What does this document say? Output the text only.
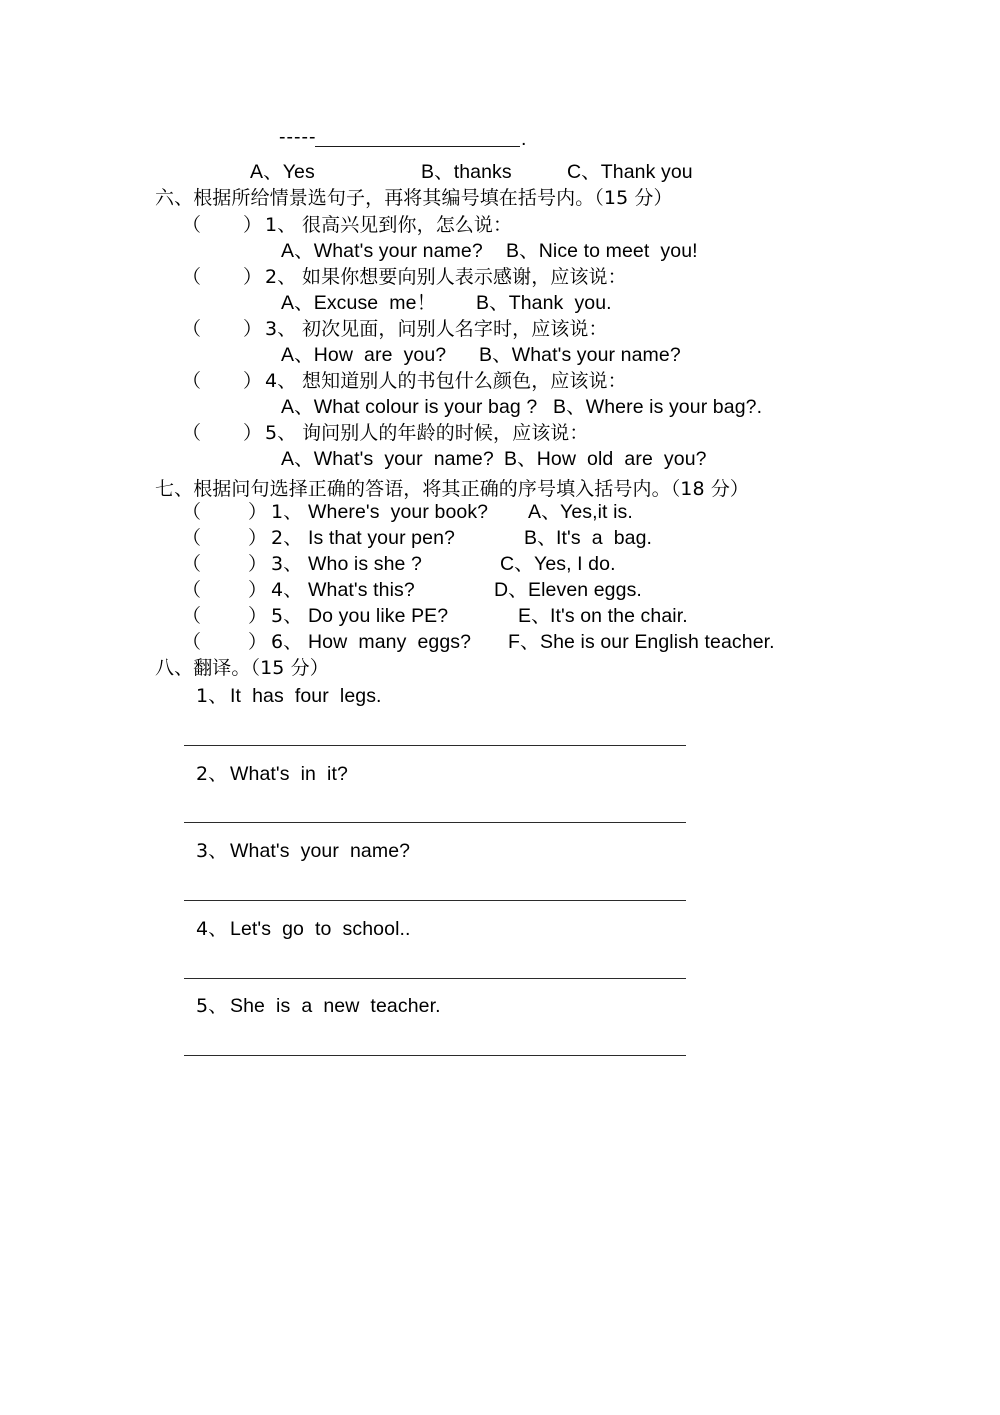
-----	.
A、Yes	B、thanks	C、Thank you
六、根据所给情景选句子，再将其编号填在括号内。（15 分）
（ ） 1、 很高兴见到你，怎么说：
A、What's your name? B、Nice to meet  you!
（ ） 2、 如果你想要向别人表示感谢，应该说：
A、Excuse  me！ B、Thank  you.
（ ） 3、 初次见面，问别人名字时，应该说：
A、How  are  you? B、What's your name?
（ ） 4、 想知道别人的书包什么颜色，应该说：
A、What colour is your bag ? B、Where is your bag?.
（ ） 5、 询问别人的年龄的时候，应该说：
A、What's  your  name? B、How  old  are  you?
七、根据问句选择正确的答语，将其正确的序号填入括号内。（18 分）
（ ） 1、 Where's  your book? A、 Yes,it is.
（ ） 2、 Is that your pen?	B、 It's  a  bag.
（ ） 3、 Who is she ?	C、 Yes, I do.
（ ） 4、 What's this?	D、 Eleven eggs.
（ ） 5、 Do you like PE?	E、 It's on the chair.
（ ） 6、 How  many  eggs? F、 She is our English teacher.
八、翻译。（15 分）
1、 It  has  four  legs.
2、 What's  in  it?
3、 What's  your  name?
4、 Let's  go  to  school..
5、 She  is  a  new  teacher.
